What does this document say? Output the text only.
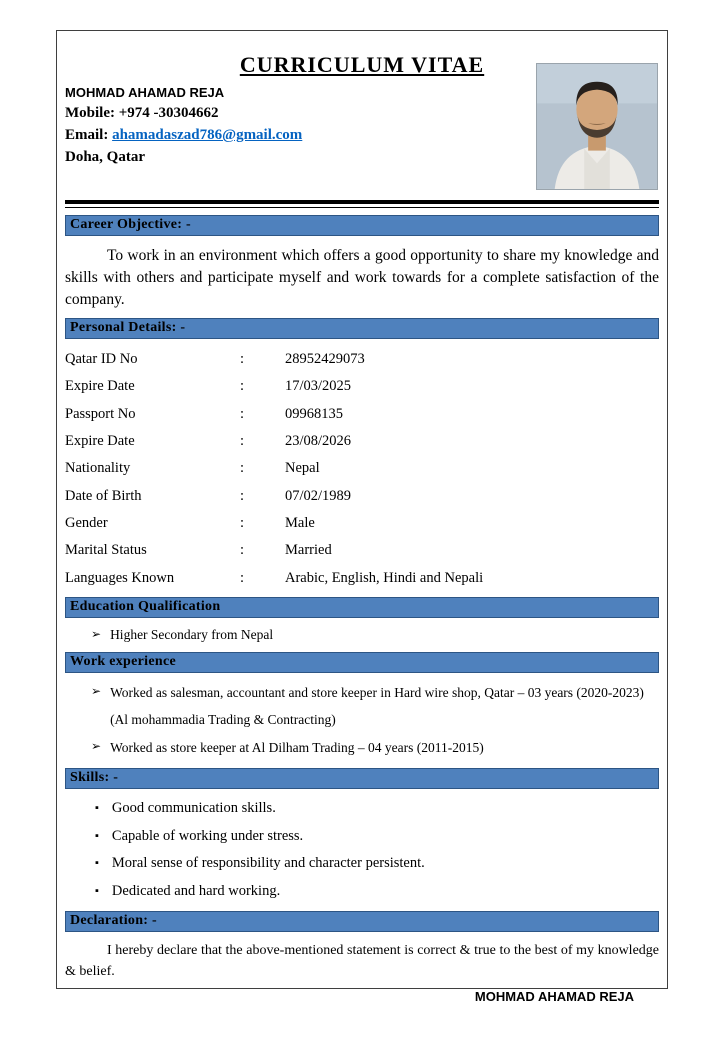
CURRICULUM VITAE
MOHMAD AHAMAD REJA
Mobile: +974 -30304662
Email: ahamadaszad786@gmail.com
Doha, Qatar
Career Objective: -

To work in an environment which offers a good opportunity to share my knowledge and skills with others and participate myself and work towards for a complete satisfaction of the company.

Personal Details: -
Qatar ID No	:	28952429073
Expire Date	:	17/03/2025
Passport No	:	09968135
Expire Date	:	23/08/2026
Nationality	:	Nepal
Date of Birth	:	07/02/1989
Gender	:	Male
Marital Status	:	Married
Languages Known	:	Arabic, English, Hindi and Nepali
Education Qualification
➢ Higher Secondary from Nepal
Work experience
➢ Worked as salesman, accountant and store keeper in Hard wire shop, Qatar – 03 years (2020-2023) (Al mohammadia Trading & Contracting)
➢ Worked as store keeper at Al Dilham Trading – 04 years (2011-2015)
Skills: -
▪ Good communication skills.
▪ Capable of working under stress.
▪ Moral sense of responsibility and character persistent.
▪ Dedicated and hard working.
Declaration: -

I hereby declare that the above-mentioned statement is correct & true to the best of my knowledge & belief.

MOHMAD AHAMAD REJA
